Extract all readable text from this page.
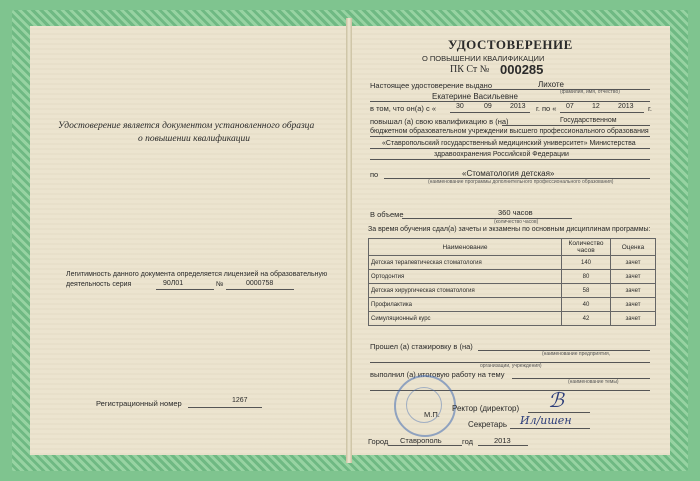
Удостоверение является документом установленного образца
о повышении квалификации
Легитимность данного документа определяется лицензией на образовательную
деятельность серия	90Л01	№	0000758
Регистрационный номер	1267
УДОСТОВЕРЕНИЕ
О ПОВЫШЕНИИ КВАЛИФИКАЦИИ
ПК Ст № 000285
Настоящее удостоверение выдано	Лихоте
(фамилия, имя, отчество)
Екатерине Васильевне
в том, что он(а) с «	30	09	2013 г. по « 07	12	2013 г.
повышал (а) свою квалификацию в (на)	Государственном
бюджетном образовательном учреждении высшего профессионального образования
«Ставропольский государственный медицинский университет» Министерства
здравоохранения Российской Федерации
по	«Стоматология детская»
(наименование программы дополнительного профессионального образования)
В объеме	360 часов
(количество часов)
За время обучения сдал(а) зачеты и экзамены по основным дисциплинам программы:
Наименование	Количество часов	Оценка
Детская терапевтическая стоматология	140	зачет
Ортодонтия	80	зачет
Детская хирургическая стоматология	58	зачет
Профилактика	40	зачет
Симуляционный курс	42	зачет
Прошел (а) стажировку в (на)
(наименование предприятия,
организации, учреждения)
выполнил (а) итоговую работу на тему
(наименование темы)
М.П.
Ректор (директор) ℬ
Секретарь Ил/ишен
Город Ставрополь	год	2013
